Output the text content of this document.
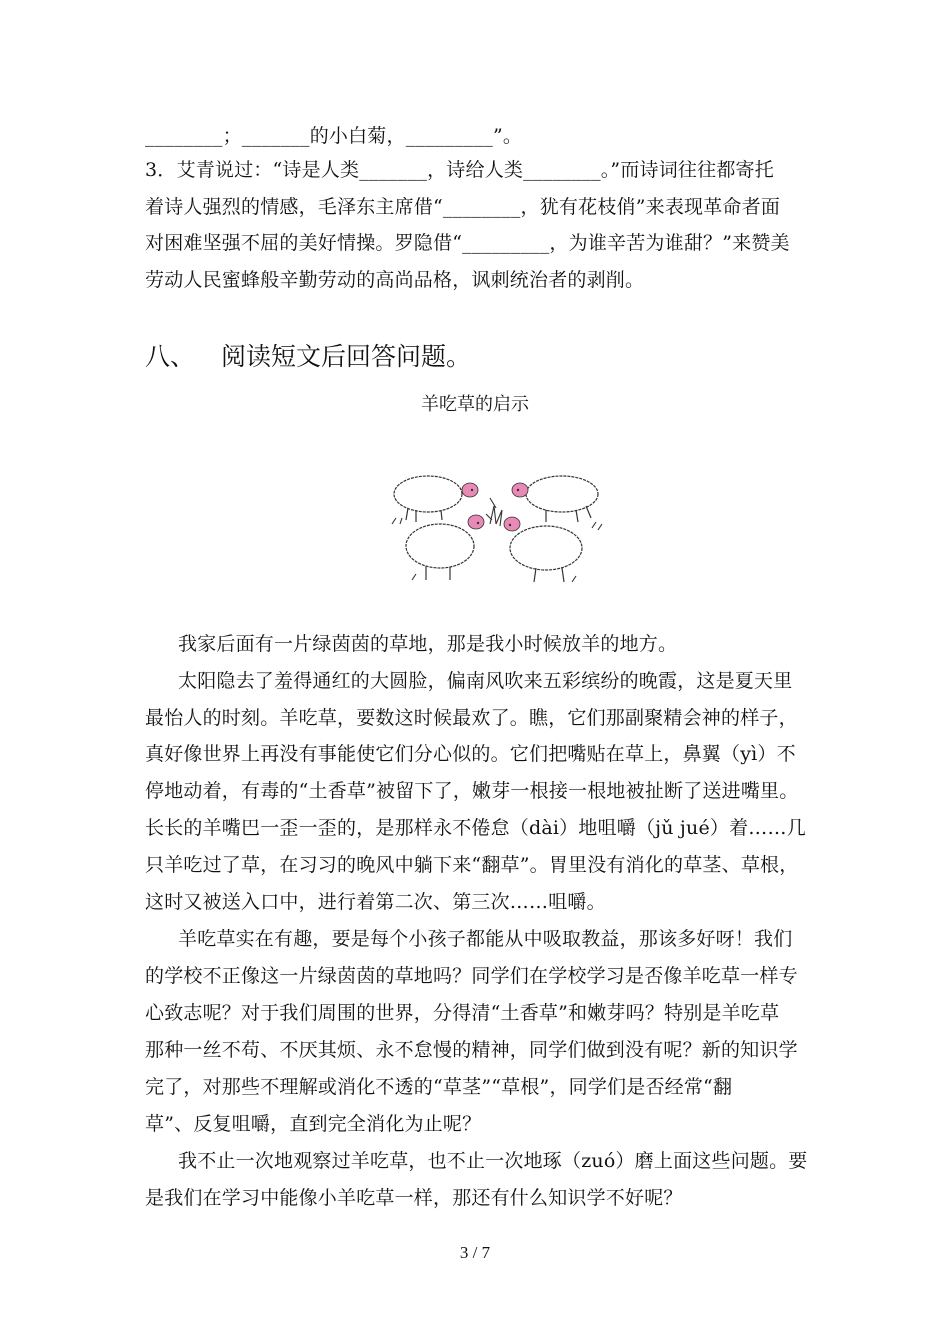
________；_______的小白菊，_________”。
3．艾青说过：“诗是人类_______，诗给人类________。”而诗词往往都寄托
着诗人强烈的情感，毛泽东主席借“________，犹有花枝俏”来表现革命者面
对困难坚强不屈的美好情操。罗隐借“_________，为谁辛苦为谁甜？”来赞美
劳动人民蜜蜂般辛勤劳动的高尚品格，讽刺统治者的剥削。
八、 阅读短文后回答问题。
羊吃草的启示
我家后面有一片绿茵茵的草地，那是我小时候放羊的地方。
太阳隐去了羞得通红的大圆脸，偏南风吹来五彩缤纷的晚霞，这是夏天里
最怡人的时刻。羊吃草，要数这时候最欢了。瞧，它们那副聚精会神的样子，
真好像世界上再没有事能使它们分心似的。它们把嘴贴在草上，鼻翼（yì）不
停地动着，有毒的“土香草”被留下了，嫩芽一根接一根地被扯断了送进嘴里。
长长的羊嘴巴一歪一歪的，是那样永不倦怠（dài）地咀嚼（jǔ jué）着……几
只羊吃过了草，在习习的晚风中躺下来“翻草”。胃里没有消化的草茎、草根，
这时又被送入口中，进行着第二次、第三次……咀嚼。
羊吃草实在有趣，要是每个小孩子都能从中吸取教益，那该多好呀！我们
的学校不正像这一片绿茵茵的草地吗？同学们在学校学习是否像羊吃草一样专
心致志呢？对于我们周围的世界，分得清“土香草”和嫩芽吗？特别是羊吃草
那种一丝不苟、不厌其烦、永不怠慢的精神，同学们做到没有呢？新的知识学
完了，对那些不理解或消化不透的“草茎”“草根”，同学们是否经常“翻
草”、反复咀嚼，直到完全消化为止呢？
我不止一次地观察过羊吃草，也不止一次地琢（zuó）磨上面这些问题。要
是我们在学习中能像小羊吃草一样，那还有什么知识学不好呢？
3 / 7
